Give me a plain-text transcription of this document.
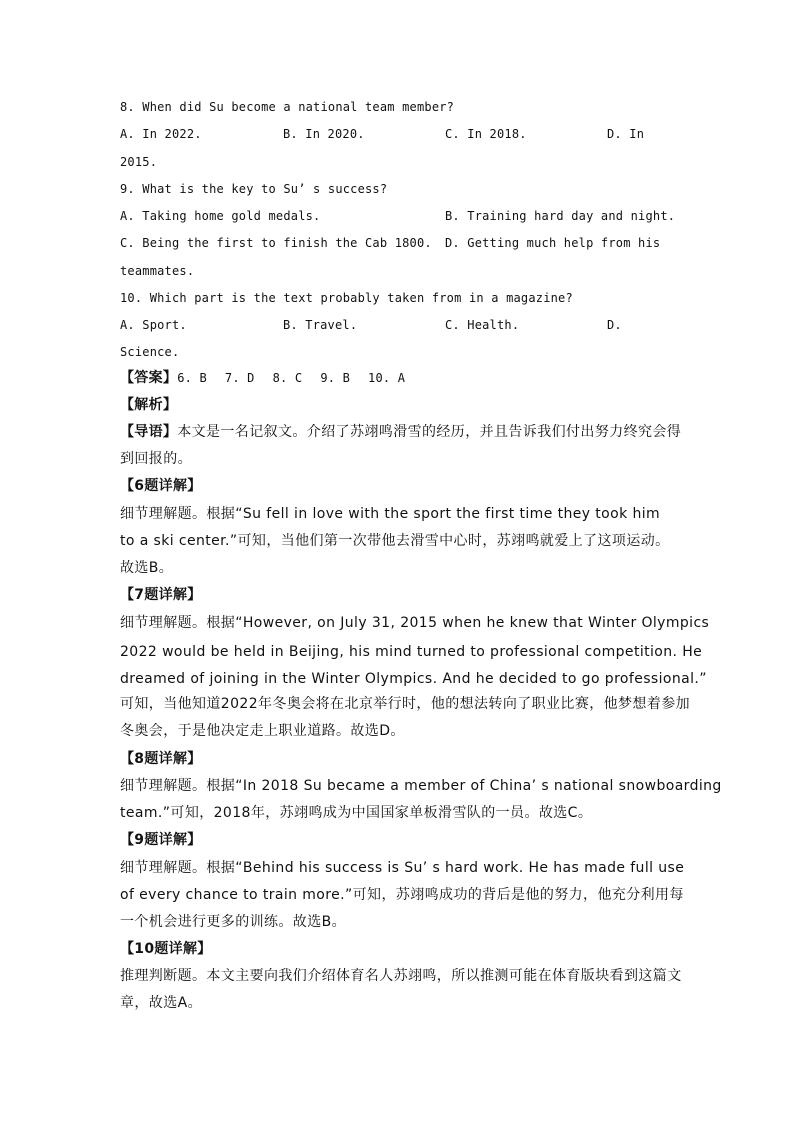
8. When did Su become a national team member?
A. In 2022.	B. In 2020.	C. In 2018.	D. In
2015.
9. What is the key to Su’ s success?
A. Taking home gold medals.	B. Training hard day and night.
C. Being the first to finish the Cab 1800. D. Getting much help from his
teammates.
10. Which part is the text probably taken from in a magazine?
A. Sport.	B. Travel.	C. Health.	D.
Science.
【答案】6. B 7. D 8. C 9. B 10. A
【解析】
【导语】本文是一名记叙文。介绍了苏翊鸣滑雪的经历，并且告诉我们付出努力终究会得
到回报的。
【6题详解】
细节理解题。根据“Su fell in love with the sport the first time they took him
to a ski center.”可知，当他们第一次带他去滑雪中心时，苏翊鸣就爱上了这项运动。
故选B。
【7题详解】
细节理解题。根据“However, on July 31, 2015 when he knew that Winter Olympics
2022 would be held in Beijing, his mind turned to professional competition. He
dreamed of joining in the Winter Olympics. And he decided to go professional.”
可知，当他知道2022年冬奥会将在北京举行时，他的想法转向了职业比赛，他梦想着参加
冬奥会，于是他决定走上职业道路。故选D。
【8题详解】
细节理解题。根据“In 2018 Su became a member of China’ s national snowboarding
team.”可知，2018年，苏翊鸣成为中国国家单板滑雪队的一员。故选C。
【9题详解】
细节理解题。根据“Behind his success is Su’ s hard work. He has made full use
of every chance to train more.”可知，苏翊鸣成功的背后是他的努力，他充分利用每
一个机会进行更多的训练。故选B。
【10题详解】
推理判断题。本文主要向我们介绍体育名人苏翊鸣，所以推测可能在体育版块看到这篇文
章，故选A。
